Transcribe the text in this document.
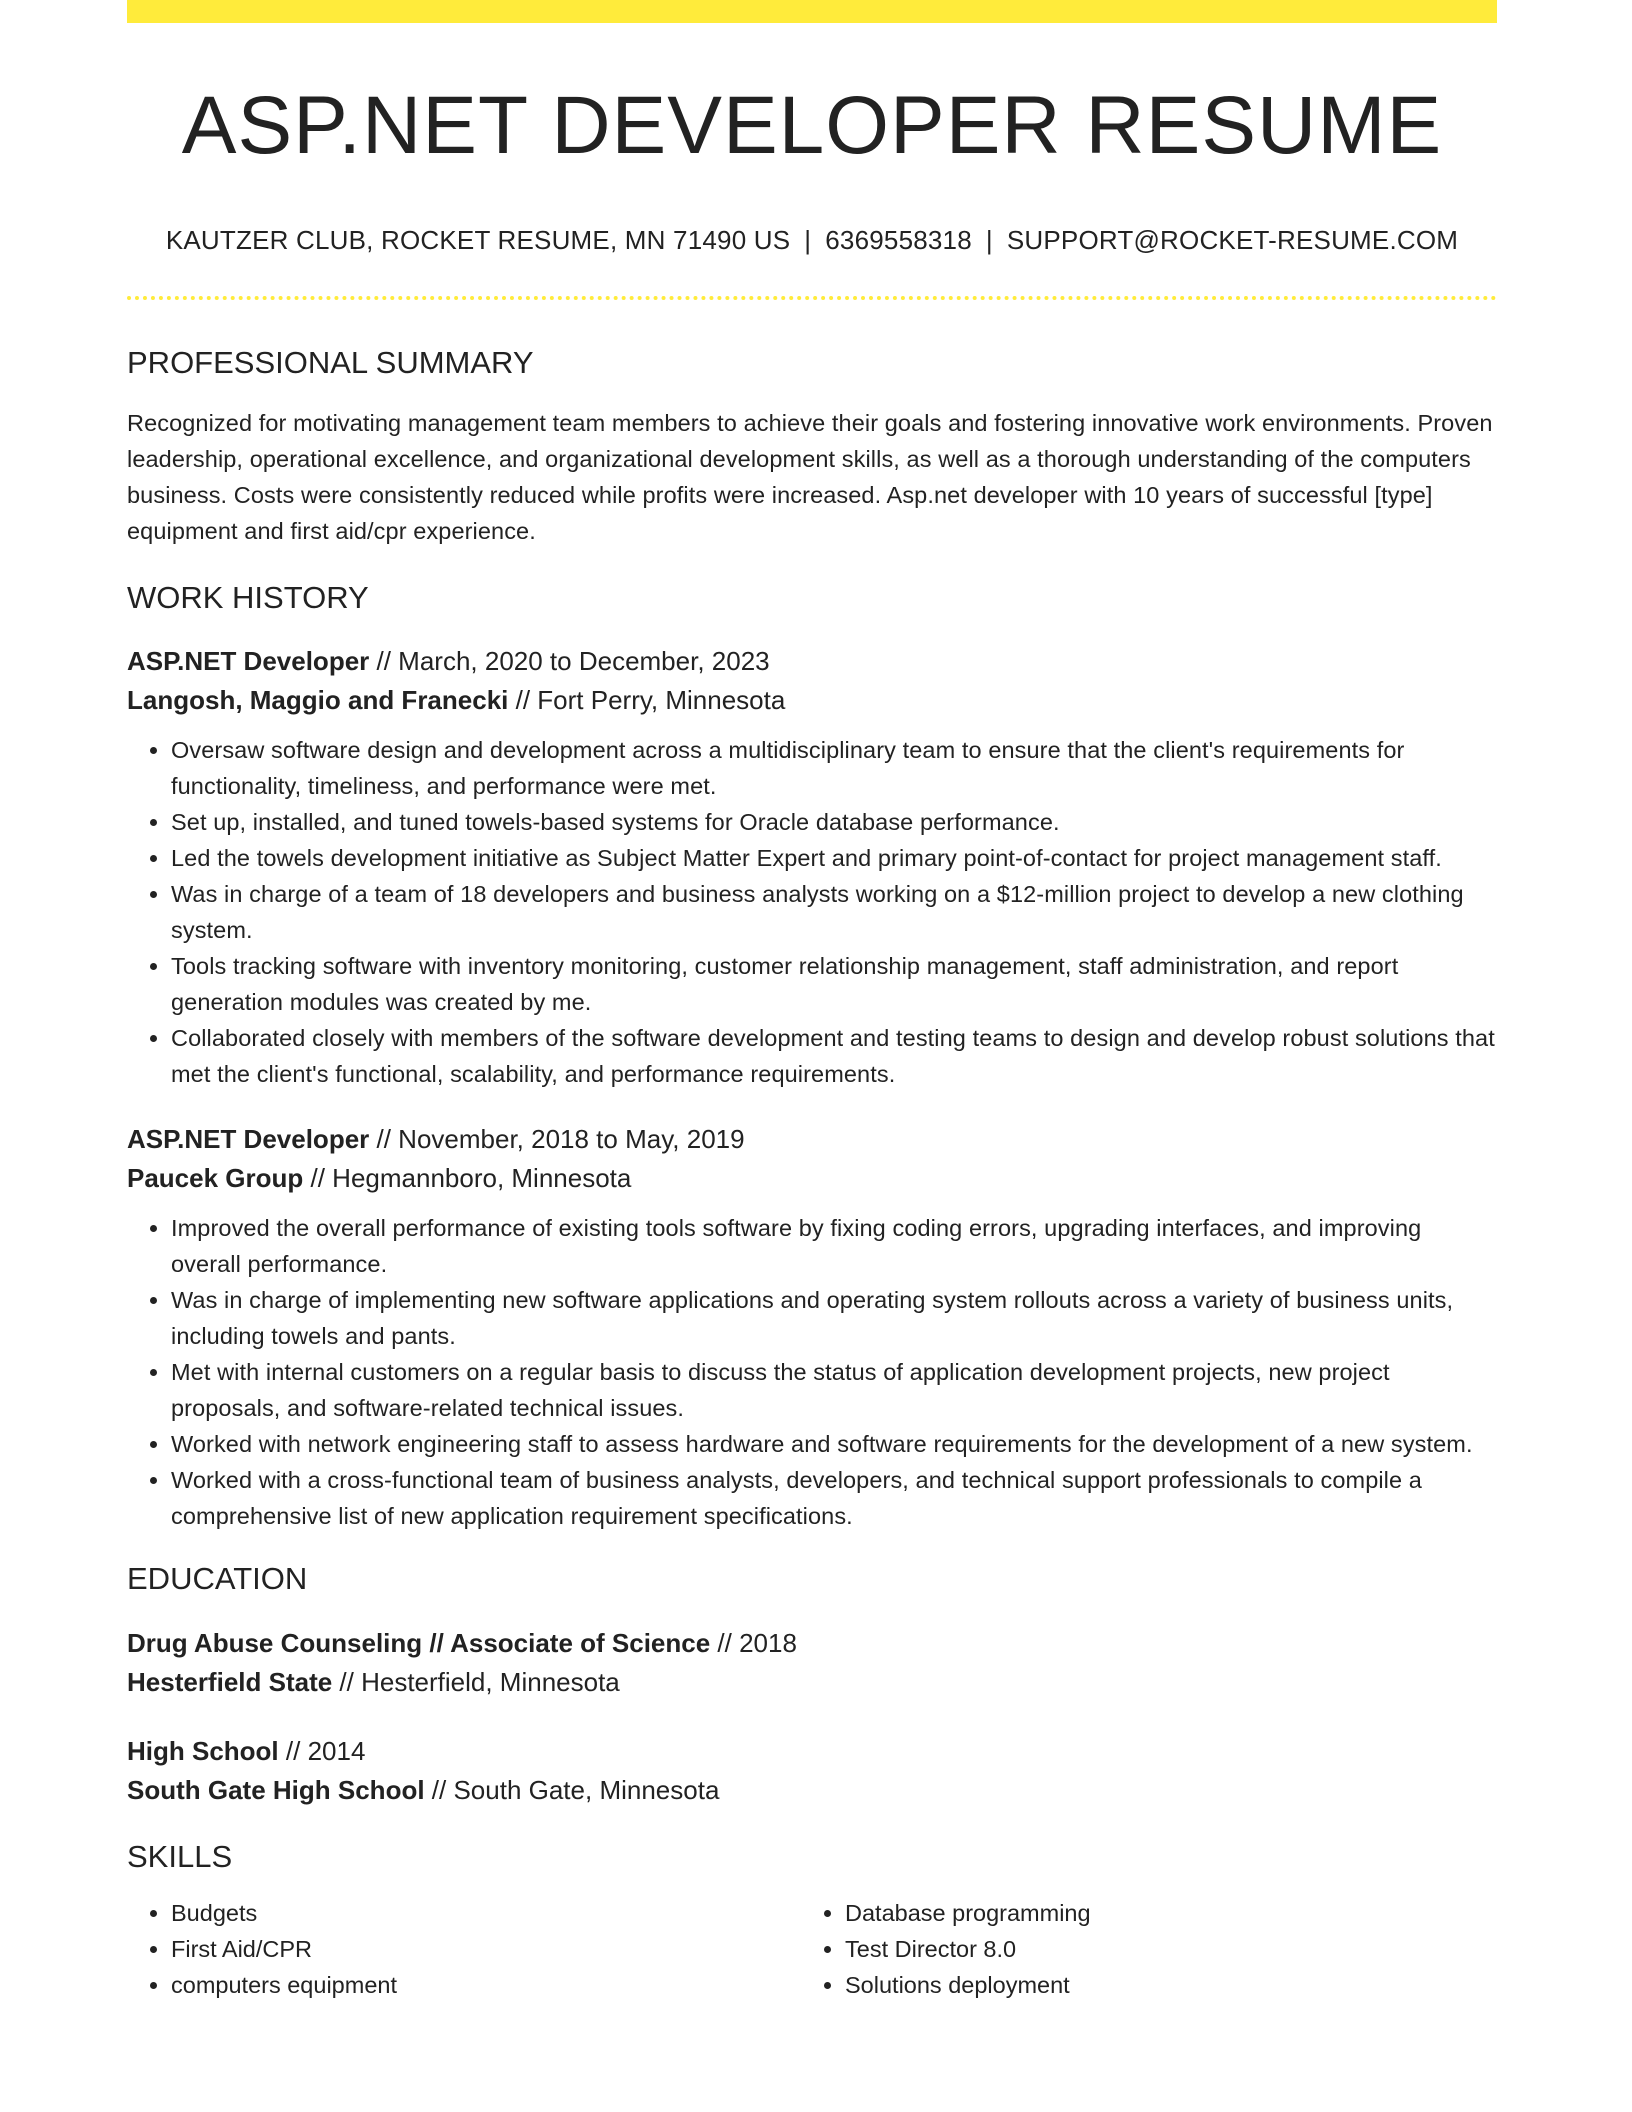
ASP.NET DEVELOPER RESUME
KAUTZER CLUB, ROCKET RESUME, MN 71490 US | 6369558318 | SUPPORT@ROCKET-RESUME.COM
PROFESSIONAL SUMMARY
Recognized for motivating management team members to achieve their goals and fostering innovative work environments. Proven leadership, operational excellence, and organizational development skills, as well as a thorough understanding of the computers business. Costs were consistently reduced while profits were increased. Asp.net developer with 10 years of successful [type] equipment and first aid/cpr experience.
WORK HISTORY
ASP.NET Developer // March, 2020 to December, 2023
Langosh, Maggio and Franecki // Fort Perry, Minnesota
• Oversaw software design and development across a multidisciplinary team to ensure that the client's requirements for functionality, timeliness, and performance were met.
• Set up, installed, and tuned towels-based systems for Oracle database performance.
• Led the towels development initiative as Subject Matter Expert and primary point-of-contact for project management staff.
• Was in charge of a team of 18 developers and business analysts working on a $12-million project to develop a new clothing system.
• Tools tracking software with inventory monitoring, customer relationship management, staff administration, and report generation modules was created by me.
• Collaborated closely with members of the software development and testing teams to design and develop robust solutions that met the client's functional, scalability, and performance requirements.
ASP.NET Developer // November, 2018 to May, 2019
Paucek Group // Hegmannboro, Minnesota
• Improved the overall performance of existing tools software by fixing coding errors, upgrading interfaces, and improving overall performance.
• Was in charge of implementing new software applications and operating system rollouts across a variety of business units, including towels and pants.
• Met with internal customers on a regular basis to discuss the status of application development projects, new project proposals, and software-related technical issues.
• Worked with network engineering staff to assess hardware and software requirements for the development of a new system.
• Worked with a cross-functional team of business analysts, developers, and technical support professionals to compile a comprehensive list of new application requirement specifications.
EDUCATION
Drug Abuse Counseling // Associate of Science // 2018
Hesterfield State // Hesterfield, Minnesota
High School // 2014
South Gate High School // South Gate, Minnesota
SKILLS
• Budgets
• First Aid/CPR
• computers equipment
• Database programming
• Test Director 8.0
• Solutions deployment
